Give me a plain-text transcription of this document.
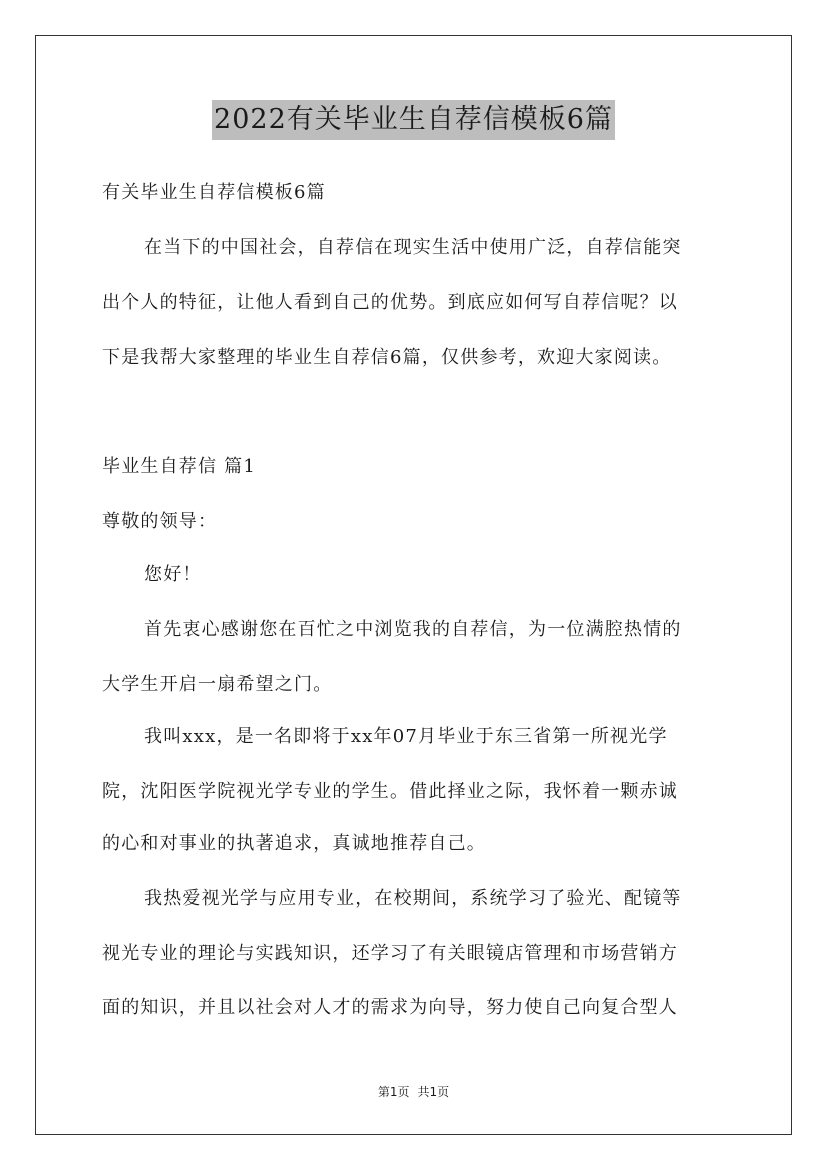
2022有关毕业生自荐信模板6篇
有关毕业生自荐信模板6篇
在当下的中国社会，自荐信在现实生活中使用广泛，自荐信能突
出个人的特征，让他人看到自己的优势。到底应如何写自荐信呢？以
下是我帮大家整理的毕业生自荐信6篇，仅供参考，欢迎大家阅读。
毕业生自荐信 篇1
尊敬的领导：
您好！
首先衷心感谢您在百忙之中浏览我的自荐信，为一位满腔热情的
大学生开启一扇希望之门。
我叫xxx，是一名即将于xx年07月毕业于东三省第一所视光学
院，沈阳医学院视光学专业的学生。借此择业之际，我怀着一颗赤诚
的心和对事业的执著追求，真诚地推荐自己。
我热爱视光学与应用专业，在校期间，系统学习了验光、配镜等
视光专业的理论与实践知识，还学习了有关眼镜店管理和市场营销方
面的知识，并且以社会对人才的需求为向导，努力使自己向复合型人
第1页 共1页
